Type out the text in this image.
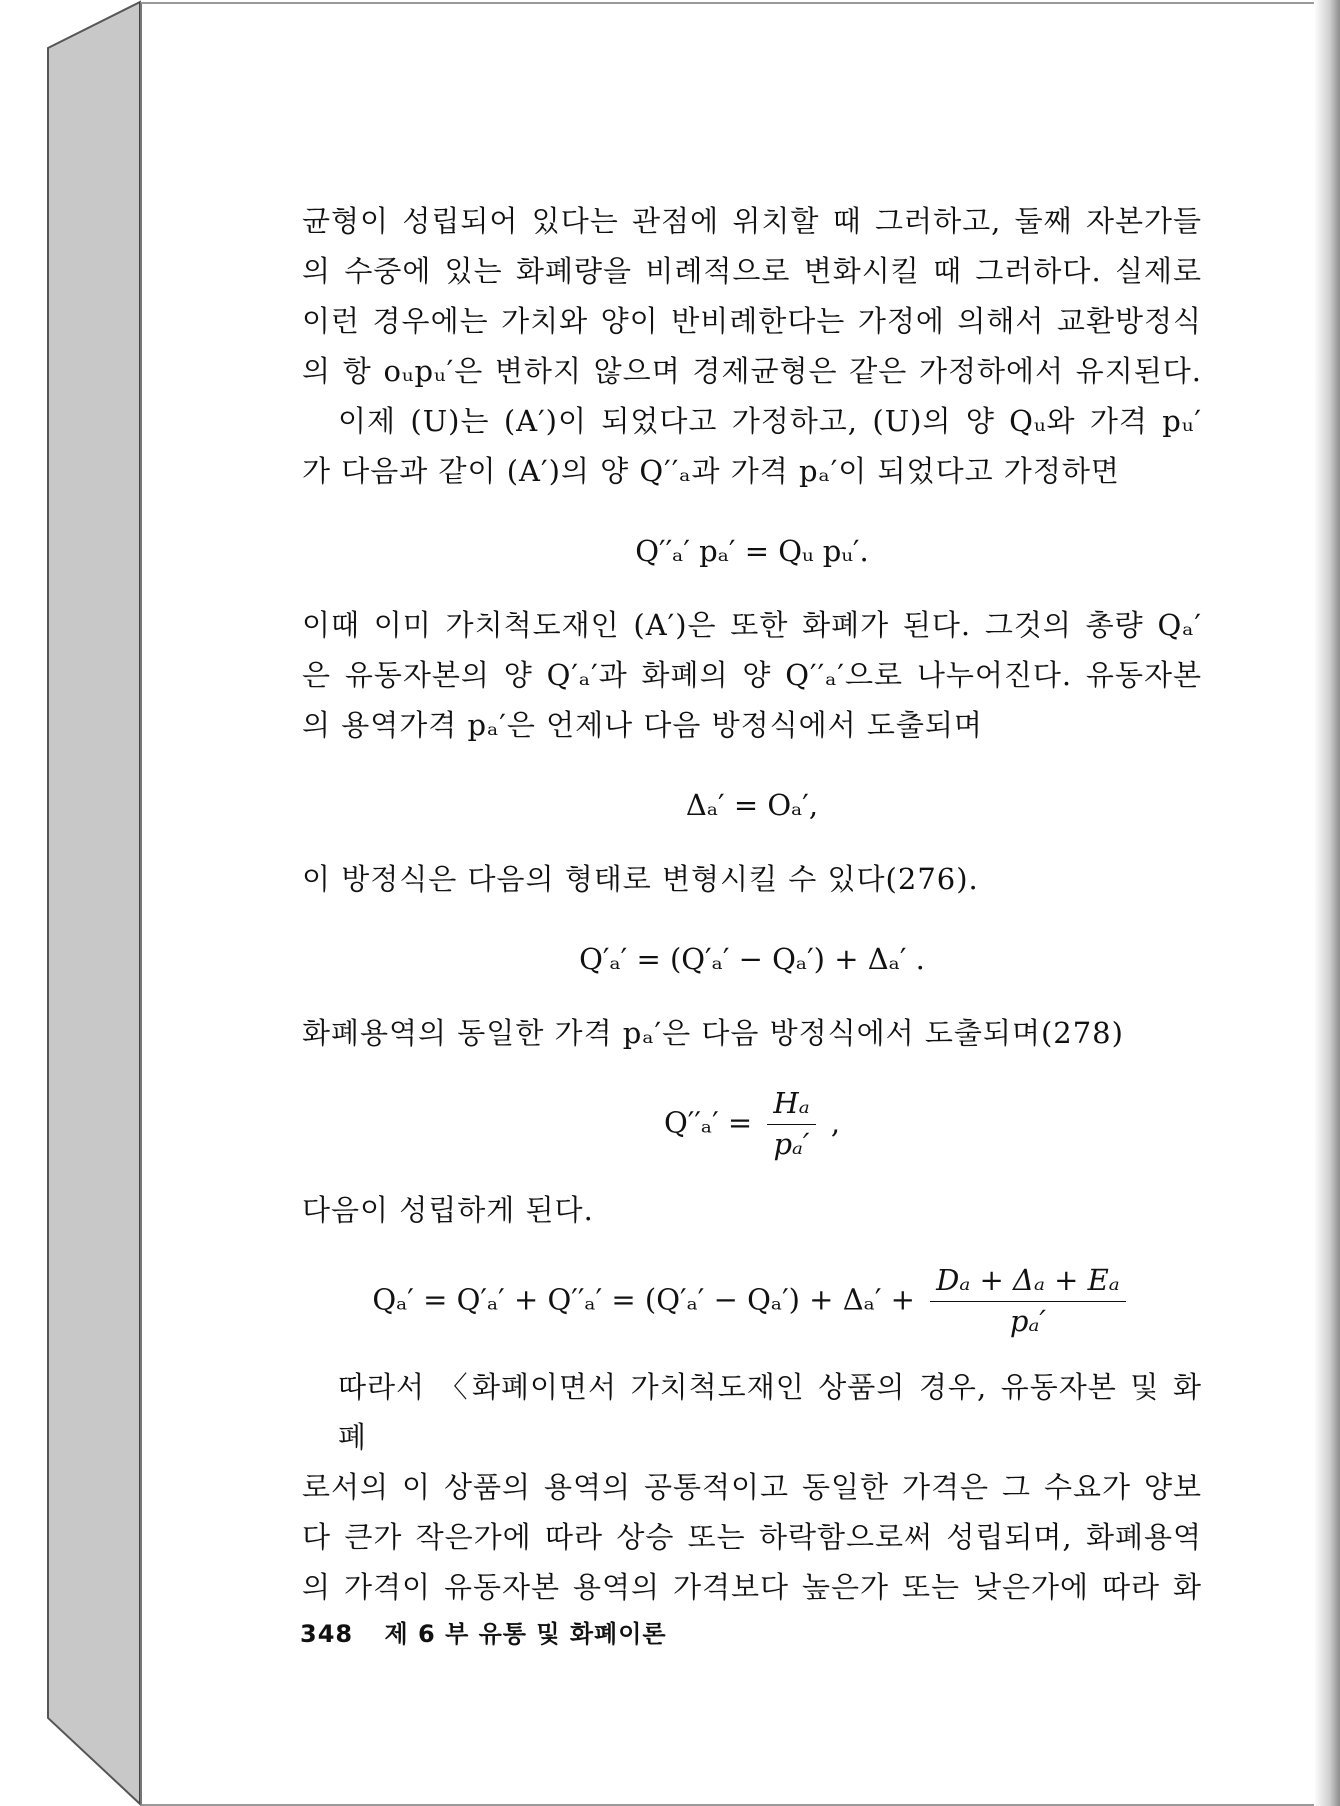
균형이 성립되어 있다는 관점에 위치할 때 그러하고, 둘째 자본가들
의 수중에 있는 화폐량을 비례적으로 변화시킬 때 그러하다. 실제로
이런 경우에는 가치와 양이 반비례한다는 가정에 의해서 교환방정식
의 항 oᵤpᵤ′은 변하지 않으며 경제균형은 같은 가정하에서 유지된다.
이제 (U)는 (A′)이 되었다고 가정하고, (U)의 양 Qᵤ와 가격 pᵤ′
가 다음과 같이 (A′)의 양 Q′′ₐ과 가격 pₐ′이 되었다고 가정하면
Q′′ₐ′ pₐ′ = Qᵤ pᵤ′.
이때 이미 가치척도재인 (A′)은 또한 화폐가 된다. 그것의 총량 Qₐ′
은 유동자본의 양 Q′ₐ′과 화폐의 양 Q′′ₐ′으로 나누어진다. 유동자본
의 용역가격 pₐ′은 언제나 다음 방정식에서 도출되며
Δₐ′ = Oₐ′,
이 방정식은 다음의 형태로 변형시킬 수 있다(276).
Q′ₐ′ = (Q′ₐ′ − Qₐ′) + Δₐ′ .
화폐용역의 동일한 가격 pₐ′은 다음 방정식에서 도출되며(278)
$Q''_a' = \frac{\text{Hₐ}}{\text{pₐ′}}$ ,
다음이 성립하게 된다.
$Q_a' = Q'_a' + Q''_a' = (Q'_a' - Q_a') + \Delta_a' + \frac{\text{Dₐ + Δₐ + Eₐ}}{\text{pₐ′}}$
따라서 〈화폐이면서 가치척도재인 상품의 경우, 유동자본 및 화폐
로서의 이 상품의 용역의 공통적이고 동일한 가격은 그 수요가 양보
다 큰가 작은가에 따라 상승 또는 하락함으로써 성립되며, 화폐용역
의 가격이 유동자본 용역의 가격보다 높은가 또는 낮은가에 따라 화
348 제 6 부 유통 및 화폐이론
